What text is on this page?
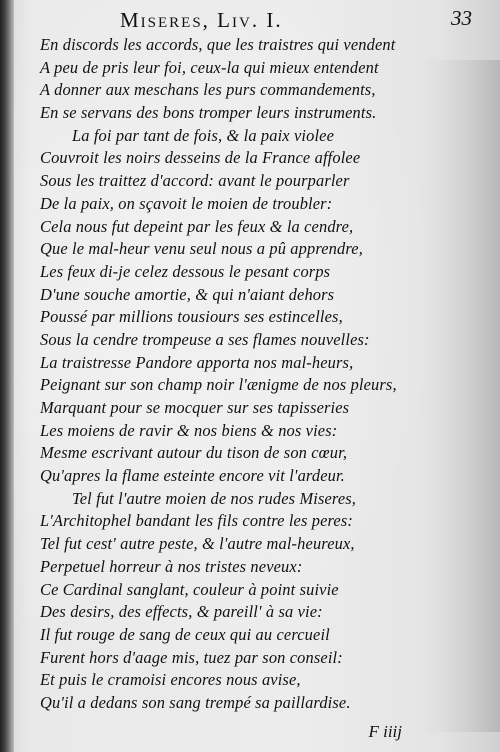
Miseres, Liv. I.	33
En discords les accords, que les traistres qui vendent
A peu de pris leur foi, ceux-la qui mieux entendent
A donner aux meschans les purs commandements,
En se servans des bons tromper leurs instruments.
La foi par tant de fois, & la paix violee
Couvroit les noirs desseins de la France affolee
Sous les traittez d'accord: avant le pourparler
De la paix, on sçavoit le moien de troubler:
Cela nous fut depeint par les feux & la cendre,
Que le mal-heur venu seul nous a pû apprendre,
Les feux di-je celez dessous le pesant corps
D'une souche amortie, & qui n'aiant dehors
Poussé par millions tousiours ses estincelles,
Sous la cendre trompeuse a ses flames nouvelles:
La traistresse Pandore apporta nos mal-heurs,
Peignant sur son champ noir l'ænigme de nos pleurs,
Marquant pour se mocquer sur ses tapisseries
Les moiens de ravir & nos biens & nos vies:
Mesme escrivant autour du tison de son cœur,
Qu'apres la flame esteinte encore vit l'ardeur.
Tel fut l'autre moien de nos rudes Miseres,
L'Architophel bandant les fils contre les peres:
Tel fut cest' autre peste, & l'autre mal-heureux,
Perpetuel horreur à nos tristes neveux:
Ce Cardinal sanglant, couleur à point suivie
Des desirs, des effects, & pareill' à sa vie:
Il fut rouge de sang de ceux qui au cercueil
Furent hors d'aage mis, tuez par son conseil:
Et puis le cramoisi encores nous avise,
Qu'il a dedans son sang trempé sa paillardise.
F iiij
